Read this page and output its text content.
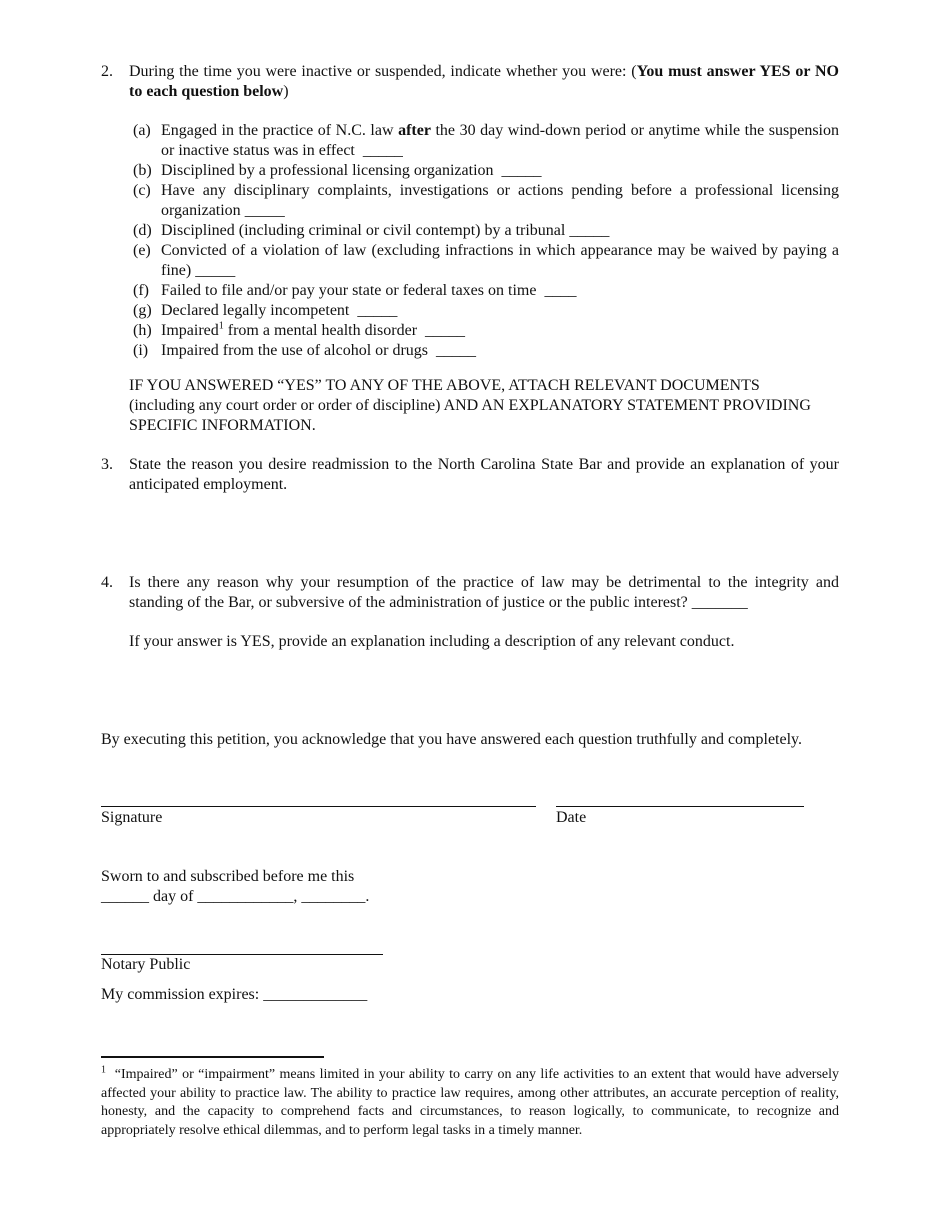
2. During the time you were inactive or suspended, indicate whether you were: (You must answer YES or NO to each question below)
(a) Engaged in the practice of N.C. law after the 30 day wind-down period or anytime while the suspension or inactive status was in effect _____
(b) Disciplined by a professional licensing organization _____
(c) Have any disciplinary complaints, investigations or actions pending before a professional licensing organization _____
(d) Disciplined (including criminal or civil contempt) by a tribunal _____
(e) Convicted of a violation of law (excluding infractions in which appearance may be waived by paying a fine) _____
(f) Failed to file and/or pay your state or federal taxes on time ____
(g) Declared legally incompetent _____
(h) Impaired$^1$ from a mental health disorder _____
(i) Impaired from the use of alcohol or drugs _____
IF YOU ANSWERED “YES” TO ANY OF THE ABOVE, ATTACH RELEVANT DOCUMENTS (including any court order or order of discipline) AND AN EXPLANATORY STATEMENT PROVIDING SPECIFIC INFORMATION.
3. State the reason you desire readmission to the North Carolina State Bar and provide an explanation of your anticipated employment.
4. Is there any reason why your resumption of the practice of law may be detrimental to the integrity and standing of the Bar, or subversive of the administration of justice or the public interest? _______
If your answer is YES, provide an explanation including a description of any relevant conduct.
By executing this petition, you acknowledge that you have answered each question truthfully and completely.
Signature	Date
Sworn to and subscribed before me this
______ day of ____________, ________.
Notary Public
My commission expires: _____________
$^1$ “Impaired” or “impairment” means limited in your ability to carry on any life activities to an extent that would have adversely affected your ability to practice law. The ability to practice law requires, among other attributes, an accurate perception of reality, honesty, and the capacity to comprehend facts and circumstances, to reason logically, to communicate, to recognize and appropriately resolve ethical dilemmas, and to perform legal tasks in a timely manner.
